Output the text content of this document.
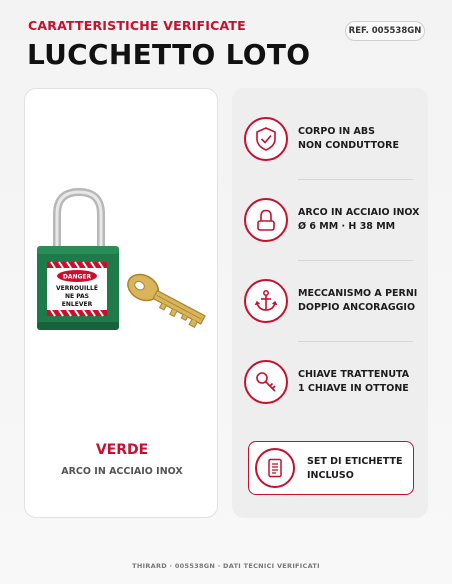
CARATTERISTICHE VERIFICATE	REF. 005538GN
LUCCHETTO LOTO
DANGER
VERROUILLÉ
NE PAS
ENLEVER
VERDE
ARCO IN ACCIAIO INOX
CORPO IN ABS
NON CONDUTTORE
ARCO IN ACCIAIO INOX
Ø 6 MM · H 38 MM
MECCANISMO A PERNI
DOPPIO ANCORAGGIO
CHIAVE TRATTENUTA
1 CHIAVE IN OTTONE
SET DI ETICHETTE
INCLUSO
THIRARD · 005538GN · DATI TECNICI VERIFICATI
